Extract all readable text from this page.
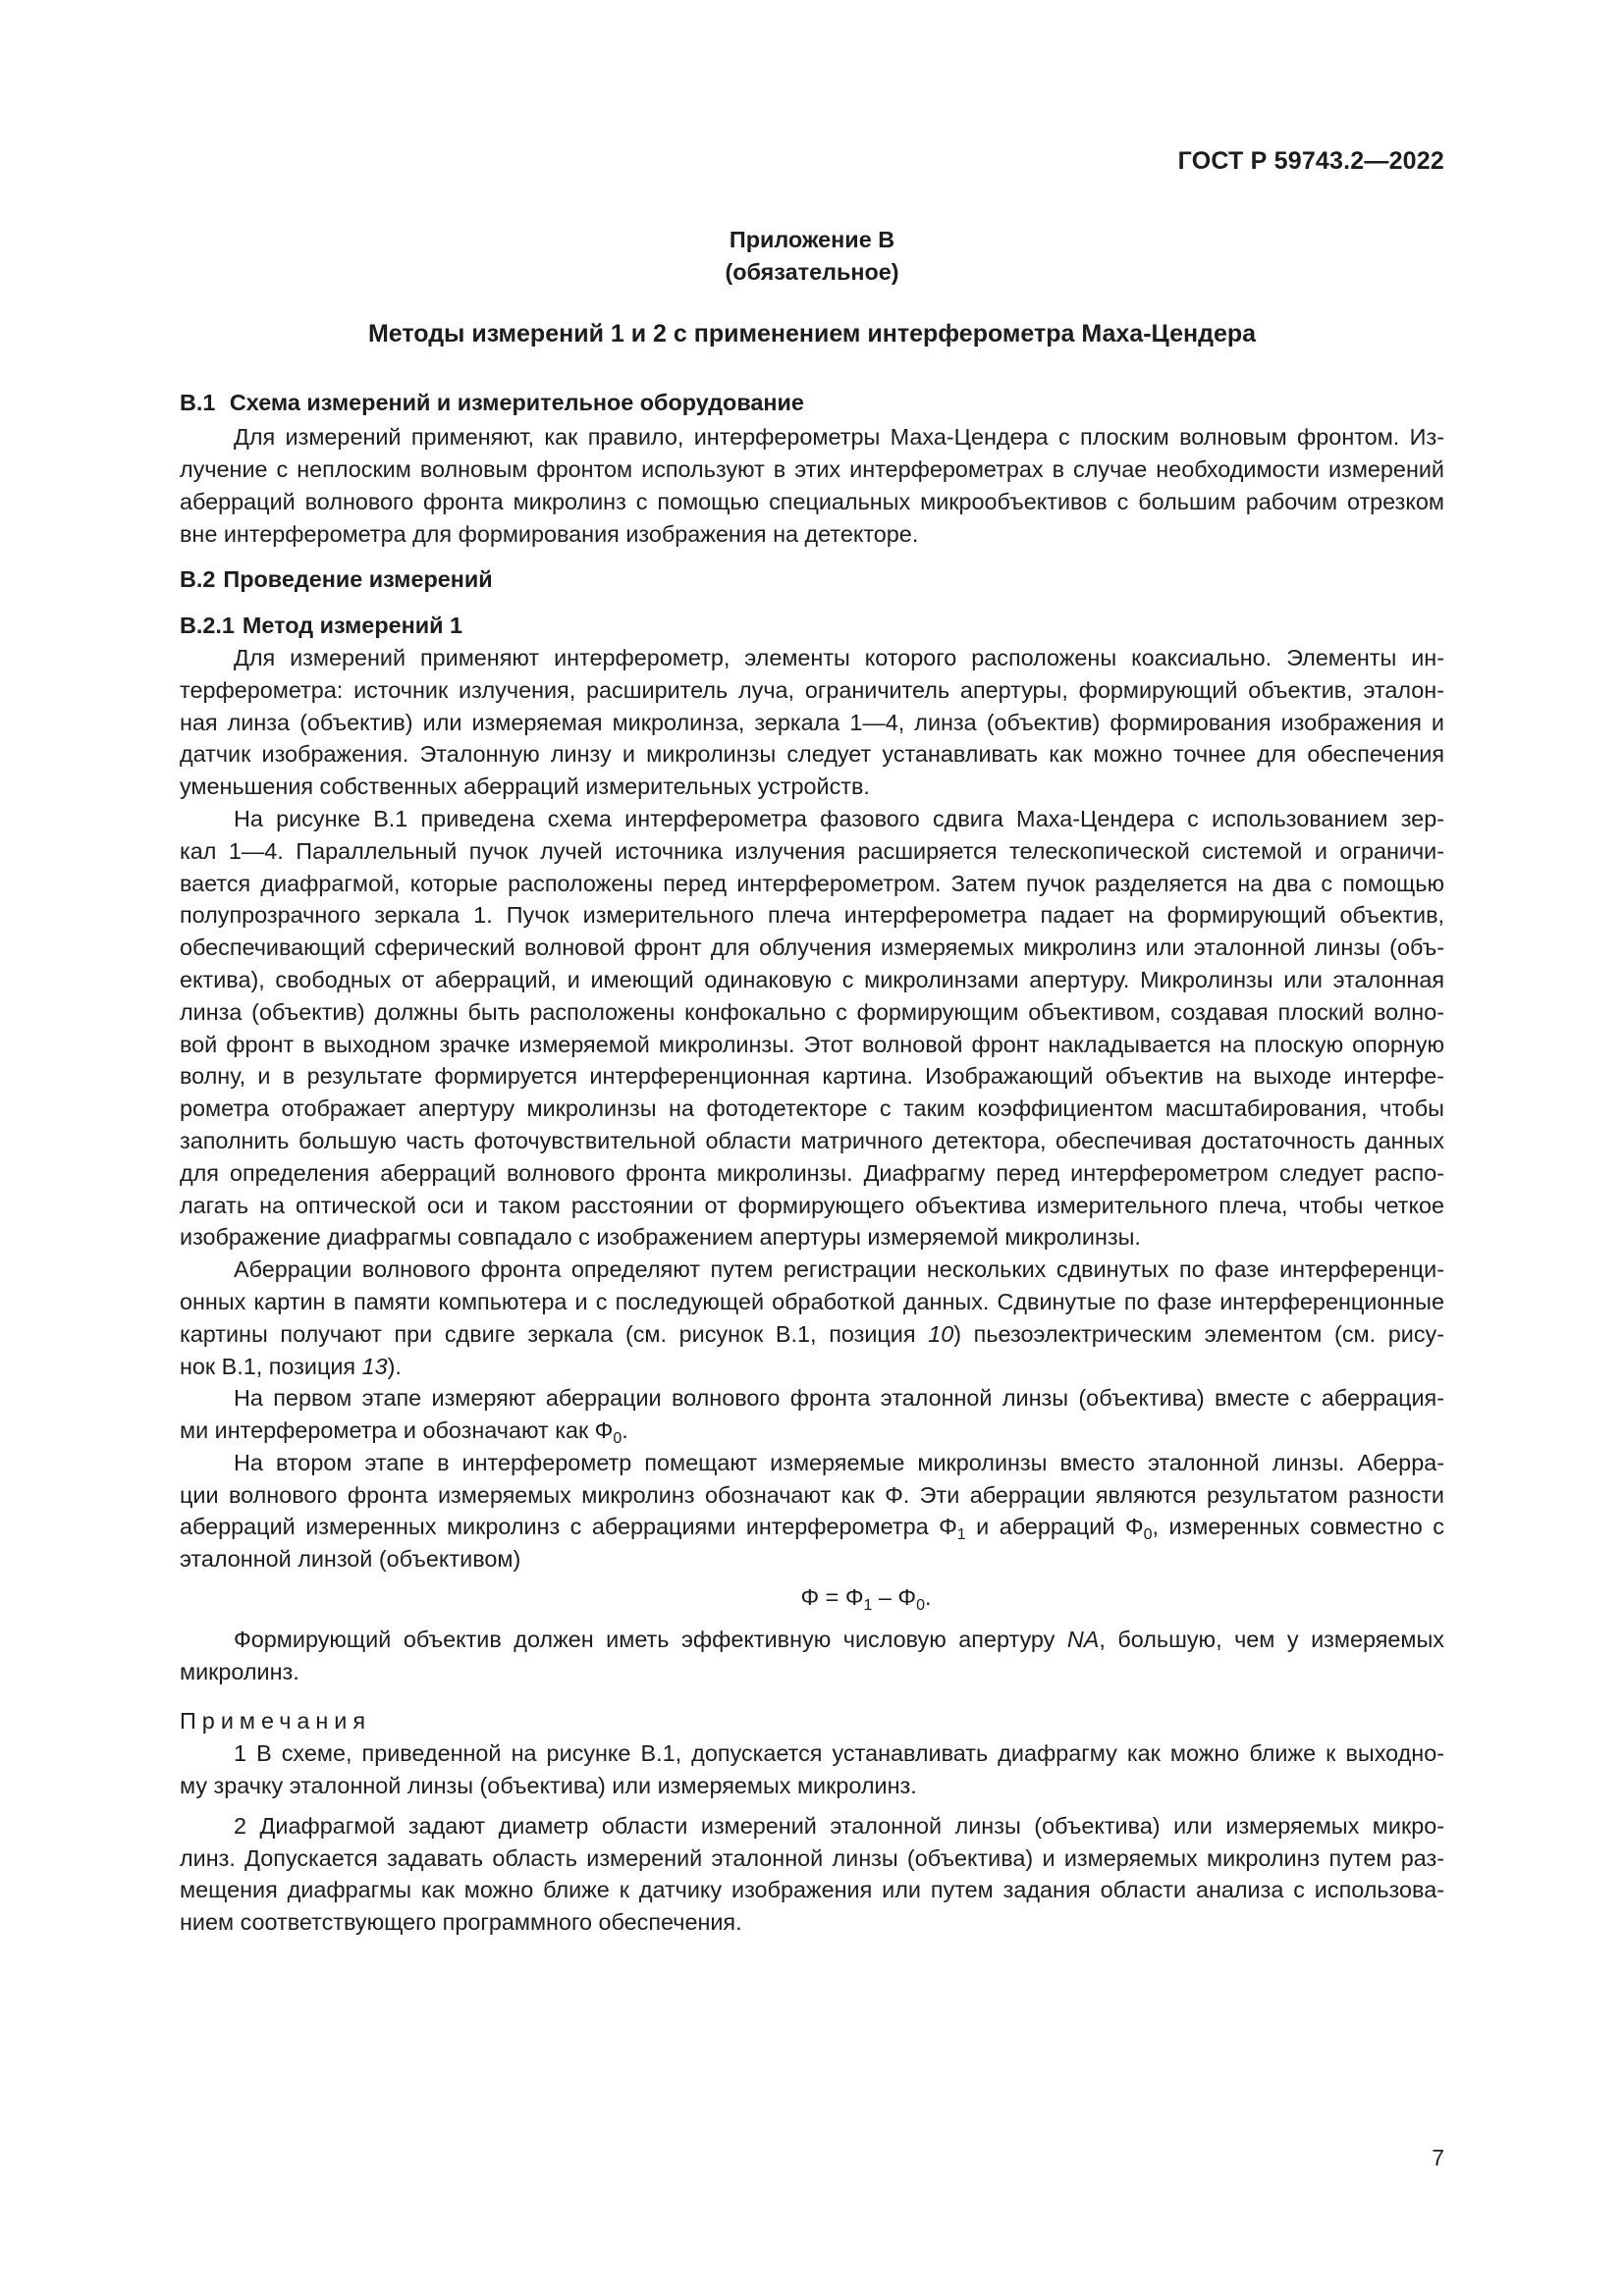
ГОСТ Р 59743.2—2022
Приложение В
(обязательное)
Методы измерений 1 и 2 с применением интерферометра Маха-Цендера
В.1 Схема измерений и измерительное оборудование
Для измерений применяют, как правило, интерферометры Маха-Цендера с плоским волновым фронтом. Из-
лучение с неплоским волновым фронтом используют в этих интерферометрах в случае необходимости измерений
аберраций волнового фронта микролинз с помощью специальных микрообъективов с большим рабочим отрезком
вне интерферометра для формирования изображения на детекторе.
В.2 Проведение измерений
В.2.1 Метод измерений 1
Для измерений применяют интерферометр, элементы которого расположены коаксиально. Элементы ин-
терферометра: источник излучения, расширитель луча, ограничитель апертуры, формирующий объектив, эталон-
ная линза (объектив) или измеряемая микролинза, зеркала 1—4, линза (объектив) формирования изображения и
датчик изображения. Эталонную линзу и микролинзы следует устанавливать как можно точнее для обеспечения
уменьшения собственных аберраций измерительных устройств.
На рисунке В.1 приведена схема интерферометра фазового сдвига Маха-Цендера с использованием зер-
кал 1—4. Параллельный пучок лучей источника излучения расширяется телескопической системой и ограничи-
вается диафрагмой, которые расположены перед интерферометром. Затем пучок разделяется на два с помощью
полупрозрачного зеркала 1. Пучок измерительного плеча интерферометра падает на формирующий объектив,
обеспечивающий сферический волновой фронт для облучения измеряемых микролинз или эталонной линзы (объ-
ектива), свободных от аберраций, и имеющий одинаковую с микролинзами апертуру. Микролинзы или эталонная
линза (объектив) должны быть расположены конфокально с формирующим объективом, создавая плоский волно-
вой фронт в выходном зрачке измеряемой микролинзы. Этот волновой фронт накладывается на плоскую опорную
волну, и в результате формируется интерференционная картина. Изображающий объектив на выходе интерфе-
рометра отображает апертуру микролинзы на фотодетекторе с таким коэффициентом масштабирования, чтобы
заполнить большую часть фоточувствительной области матричного детектора, обеспечивая достаточность данных
для определения аберраций волнового фронта микролинзы. Диафрагму перед интерферометром следует распо-
лагать на оптической оси и таком расстоянии от формирующего объектива измерительного плеча, чтобы четкое
изображение диафрагмы совпадало с изображением апертуры измеряемой микролинзы.
Аберрации волнового фронта определяют путем регистрации нескольких сдвинутых по фазе интерференци-
онных картин в памяти компьютера и с последующей обработкой данных. Сдвинутые по фазе интерференционные
картины получают при сдвиге зеркала (см. рисунок В.1, позиция 10) пьезоэлектрическим элементом (см. рису-
нок В.1, позиция 13).
На первом этапе измеряют аберрации волнового фронта эталонной линзы (объектива) вместе с аберрация-
ми интерферометра и обозначают как $\Phi_0$.
На втором этапе в интерферометр помещают измеряемые микролинзы вместо эталонной линзы. Аберра-
ции волнового фронта измеряемых микролинз обозначают как Φ. Эти аберрации являются результатом разности
аберраций измеренных микролинз с аберрациями интерферометра $\Phi_1$ и аберраций $\Phi_0$, измеренных совместно с
эталонной линзой (объективом)
$\Phi = \Phi_1 - \Phi_0$.
Формирующий объектив должен иметь эффективную числовую апертуру NA, большую, чем у измеряемых
микролинз.
Примечания
1 В схеме, приведенной на рисунке В.1, допускается устанавливать диафрагму как можно ближе к выходно-
му зрачку эталонной линзы (объектива) или измеряемых микролинз.
2 Диафрагмой задают диаметр области измерений эталонной линзы (объектива) или измеряемых микро-
линз. Допускается задавать область измерений эталонной линзы (объектива) и измеряемых микролинз путем раз-
мещения диафрагмы как можно ближе к датчику изображения или путем задания области анализа с использова-
нием соответствующего программного обеспечения.
7
